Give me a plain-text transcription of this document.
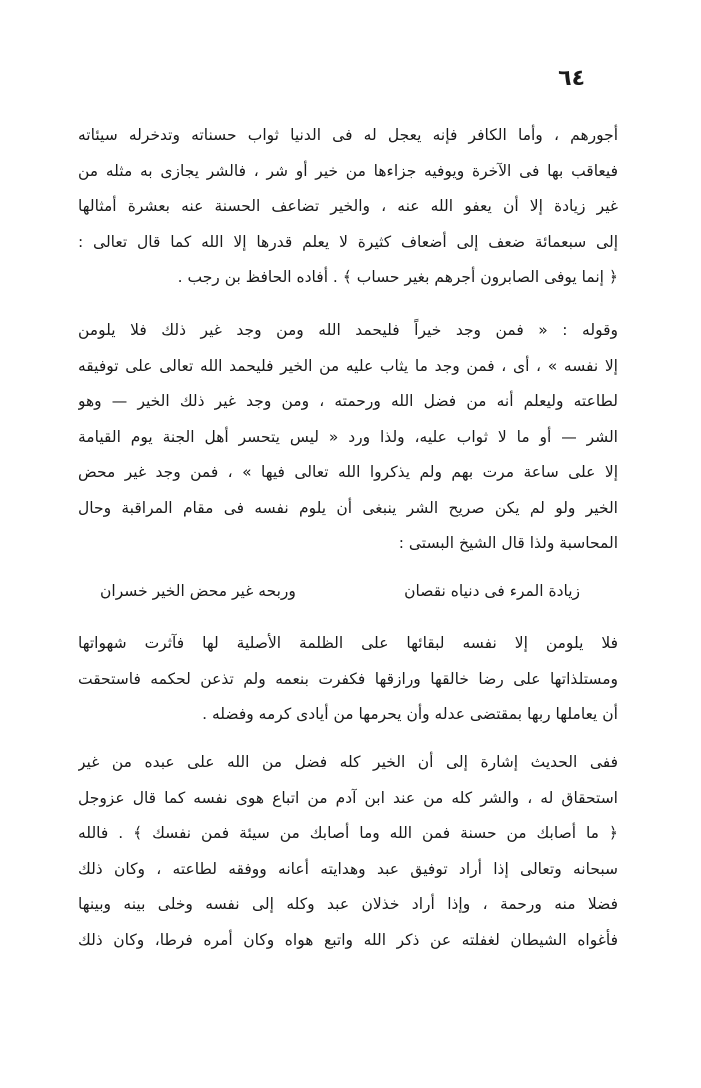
٦٤
أجورهم ، وأما الكافر فإنه يعجل له فى الدنيا ثواب حسناته وتدخرله سيئاته
فيعاقب بها فى الآخرة ويوفيه جزاءها من خير أو شر ، فالشر يجازى به مثله من
غير زيادة إلا أن يعفو الله عنه ، والخير تضاعف الحسنة عنه بعشرة أمثالها
إلى سبعمائة ضعف إلى أضعاف كثيرة لا يعلم قدرها إلا الله كما قال تعالى :
﴿ إنما يوفى الصابرون أجرهم بغير حساب ﴾ . أفاده الحافظ بن رجب .
وقوله : « فمن وجد خيراً فليحمد الله ومن وجد غير ذلك فلا يلومن
إلا نفسه » ، أى ، فمن وجد ما يثاب عليه من الخير فليحمد الله تعالى على توفيقه
لطاعته وليعلم أنه من فضل الله ورحمته ، ومن وجد غير ذلك الخير — وهو
الشر — أو ما لا ثواب عليه، ولذا ورد « ليس يتحسر أهل الجنة يوم القيامة
إلا على ساعة مرت بهم ولم يذكروا الله تعالى فيها » ، فمن وجد غير محض
الخير ولو لم يكن صريح الشر ينبغى أن يلوم نفسه فى مقام المراقبة وحال
المحاسبة ولذا قال الشيخ البستى :
زيادة المرء فى دنياه نقصان
وربحه غير محض الخير خسران
فلا يلومن إلا نفسه لبقائها على الظلمة الأصلية لها فآثرت شهواتها
ومستلذاتها على رضا خالقها ورازقها فكفرت بنعمه ولم تذعن لحكمه فاستحقت
أن يعاملها ربها بمقتضى عدله وأن يحرمها من أيادى كرمه وفضله .
ففى الحديث إشارة إلى أن الخير كله فضل من الله على عبده من غير
استحقاق له ، والشر كله من عند ابن آدم من اتباع هوى نفسه كما قال عزوجل
﴿ ما أصابك من حسنة فمن الله وما أصابك من سيئة فمن نفسك ﴾ . فالله
سبحانه وتعالى إذا أراد توفيق عبد وهدايته أعانه ووفقه لطاعته ، وكان ذلك
فضلا منه ورحمة ، وإذا أراد خذلان عبد وكله إلى نفسه وخلى بينه وبينها
فأغواه الشيطان لغفلته عن ذكر الله واتبع هواه وكان أمره فرطا، وكان ذلك
